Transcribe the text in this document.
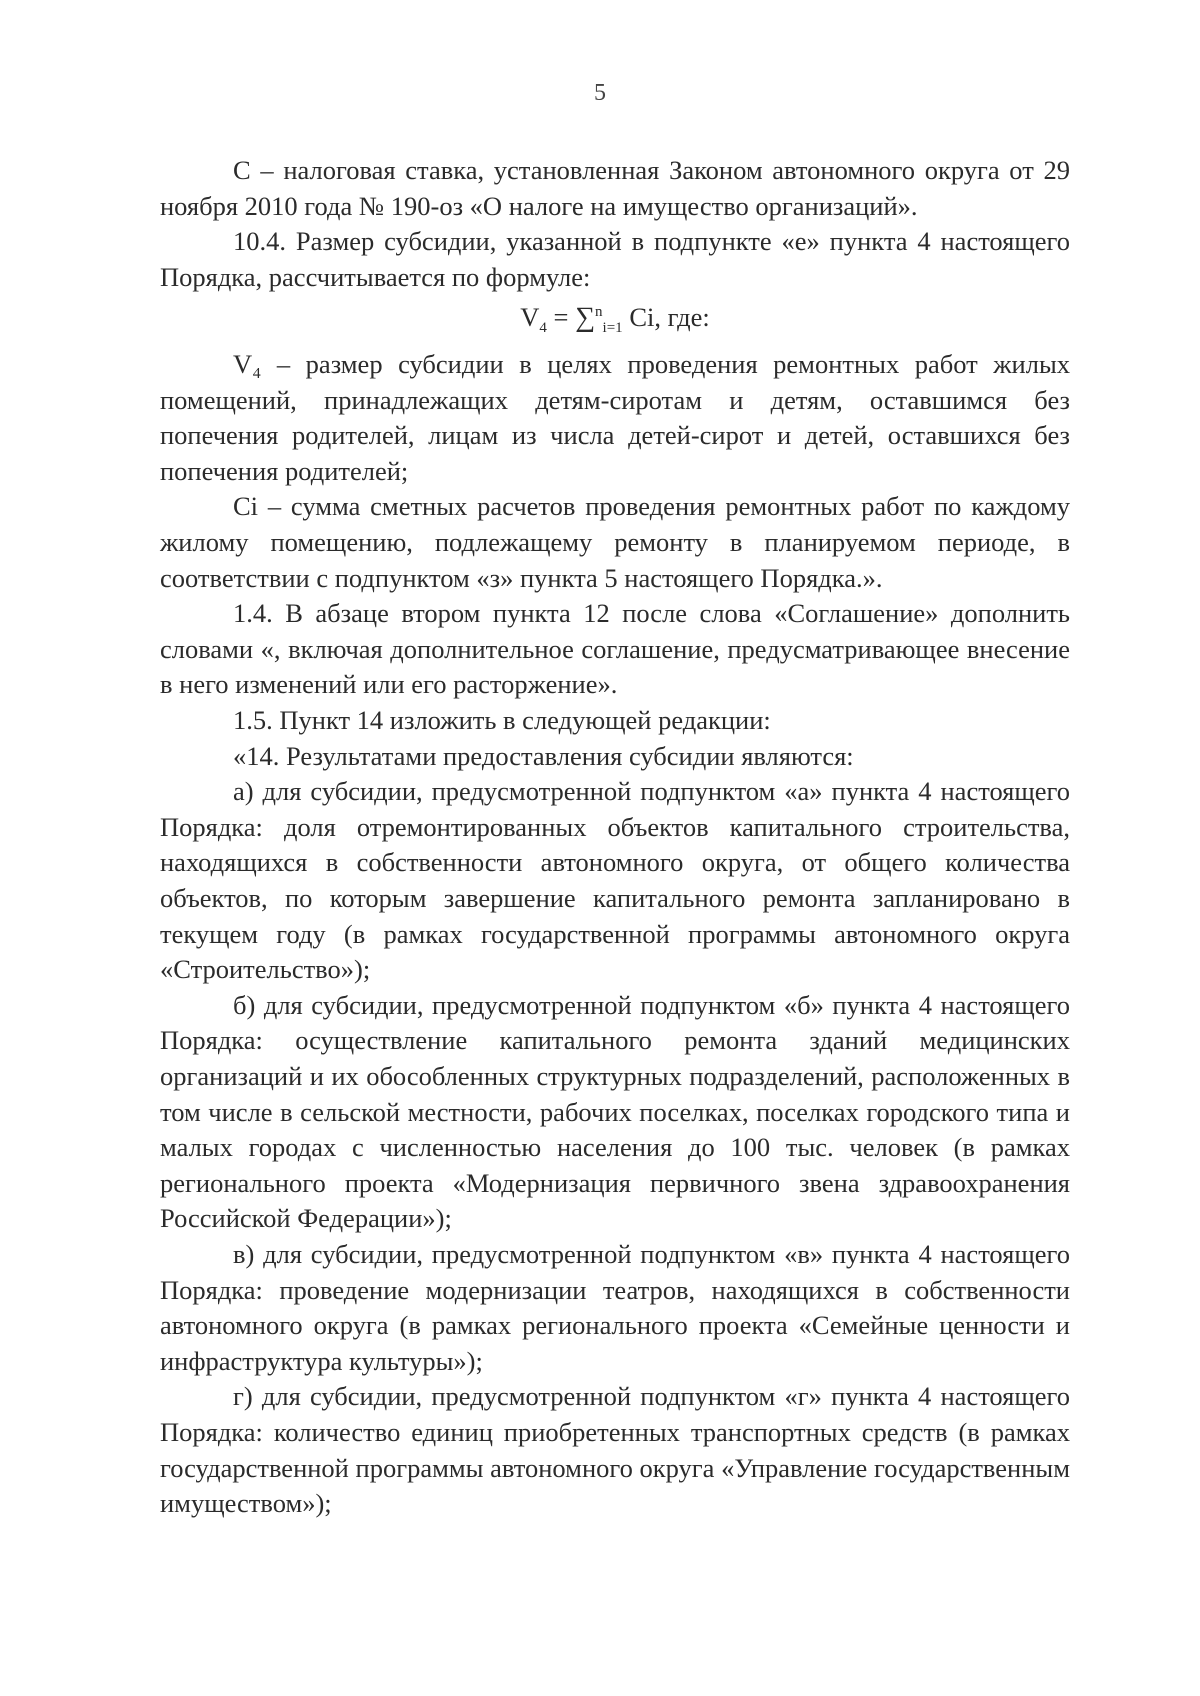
5

С – налоговая ставка, установленная Законом автономного округа от 29 ноября 2010 года № 190-оз «О налоге на имущество организаций».

10.4. Размер субсидии, указанной в подпункте «е» пункта 4 настоящего Порядка, рассчитывается по формуле:

$V_4 = \sum^n_{i=1}$ Ci, где:

V₄ – размер субсидии в целях проведения ремонтных работ жилых помещений, принадлежащих детям-сиротам и детям, оставшимся без попечения родителей, лицам из числа детей-сирот и детей, оставшихся без попечения родителей;

Ci – сумма сметных расчетов проведения ремонтных работ по каждому жилому помещению, подлежащему ремонту в планируемом периоде, в соответствии с подпунктом «з» пункта 5 настоящего Порядка.».

1.4. В абзаце втором пункта 12 после слова «Соглашение» дополнить словами «, включая дополнительное соглашение, предусматривающее внесение в него изменений или его расторжение».

1.5. Пункт 14 изложить в следующей редакции:

«14. Результатами предоставления субсидии являются:

а) для субсидии, предусмотренной подпунктом «а» пункта 4 настоящего Порядка: доля отремонтированных объектов капитального строительства, находящихся в собственности автономного округа, от общего количества объектов, по которым завершение капитального ремонта запланировано в текущем году (в рамках государственной программы автономного округа «Строительство»);

б) для субсидии, предусмотренной подпунктом «б» пункта 4 настоящего Порядка: осуществление капитального ремонта зданий медицинских организаций и их обособленных структурных подразделений, расположенных в том числе в сельской местности, рабочих поселках, поселках городского типа и малых городах с численностью населения до 100 тыс. человек (в рамках регионального проекта «Модернизация первичного звена здравоохранения Российской Федерации»);

в) для субсидии, предусмотренной подпунктом «в» пункта 4 настоящего Порядка: проведение модернизации театров, находящихся в собственности автономного округа (в рамках регионального проекта «Семейные ценности и инфраструктура культуры»);

г) для субсидии, предусмотренной подпунктом «г» пункта 4 настоящего Порядка: количество единиц приобретенных транспортных средств (в рамках государственной программы автономного округа «Управление государственным имуществом»);
